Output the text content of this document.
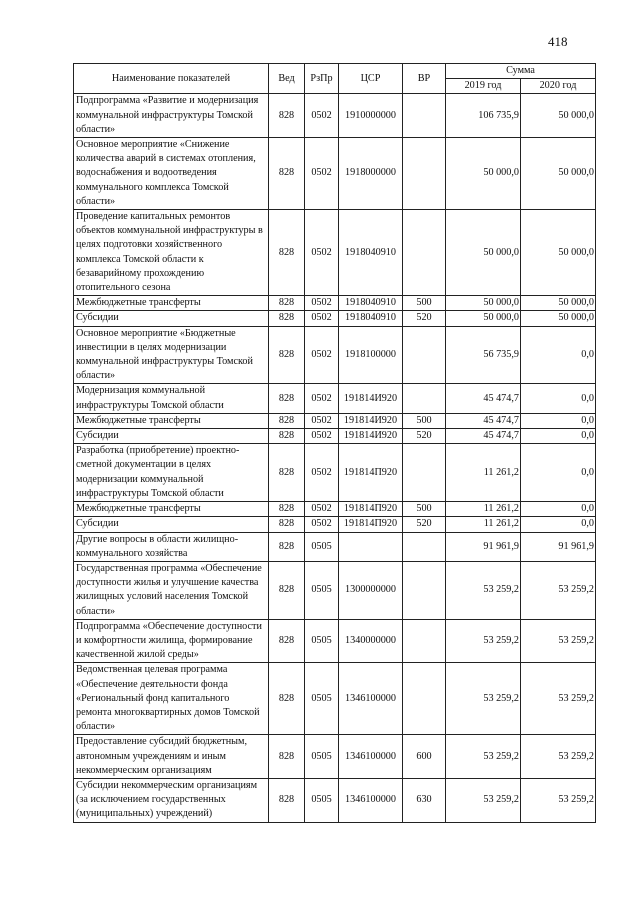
418
Наименование показателей	Вед	РзПр	ЦСР	ВР	Сумма	
					2019 год	2020 год
Подпрограмма «Развитие и модернизация коммунальной инфраструктуры Томской области»	828	0502	1910000000		106 735,9	50 000,0
Основное мероприятие «Снижение количества аварий в системах отопления, водоснабжения и водоотведения коммунального комплекса Томской области»	828	0502	1918000000		50 000,0	50 000,0
Проведение капитальных ремонтов объектов коммунальной инфраструктуры в целях подготовки хозяйственного комплекса Томской области к безаварийному прохождению отопительного сезона	828	0502	1918040910		50 000,0	50 000,0
Межбюджетные трансферты	828	0502	1918040910	500	50 000,0	50 000,0
Субсидии	828	0502	1918040910	520	50 000,0	50 000,0
Основное мероприятие «Бюджетные инвестиции в целях модернизации коммунальной инфраструктуры Томской области»	828	0502	1918100000		56 735,9	0,0
Модернизация коммунальной инфраструктуры Томской области	828	0502	191814И920		45 474,7	0,0
Межбюджетные трансферты	828	0502	191814И920	500	45 474,7	0,0
Субсидии	828	0502	191814И920	520	45 474,7	0,0
Разработка (приобретение) проектно-сметной документации в целях модернизации коммунальной инфраструктуры Томской области	828	0502	191814П920		11 261,2	0,0
Межбюджетные трансферты	828	0502	191814П920	500	11 261,2	0,0
Субсидии	828	0502	191814П920	520	11 261,2	0,0
Другие вопросы в области жилищно-коммунального хозяйства	828	0505			91 961,9	91 961,9
Государственная программа «Обеспечение доступности жилья и улучшение качества жилищных условий населения Томской области»	828	0505	1300000000		53 259,2	53 259,2
Подпрограмма «Обеспечение доступности и комфортности жилища, формирование качественной жилой среды»	828	0505	1340000000		53 259,2	53 259,2
Ведомственная целевая программа «Обеспечение деятельности фонда «Региональный фонд капитального ремонта многоквартирных домов Томской области»	828	0505	1346100000		53 259,2	53 259,2
Предоставление субсидий бюджетным, автономным учреждениям и иным некоммерческим организациям	828	0505	1346100000	600	53 259,2	53 259,2
Субсидии некоммерческим организациям (за исключением государственных (муниципальных) учреждений)	828	0505	1346100000	630	53 259,2	53 259,2
